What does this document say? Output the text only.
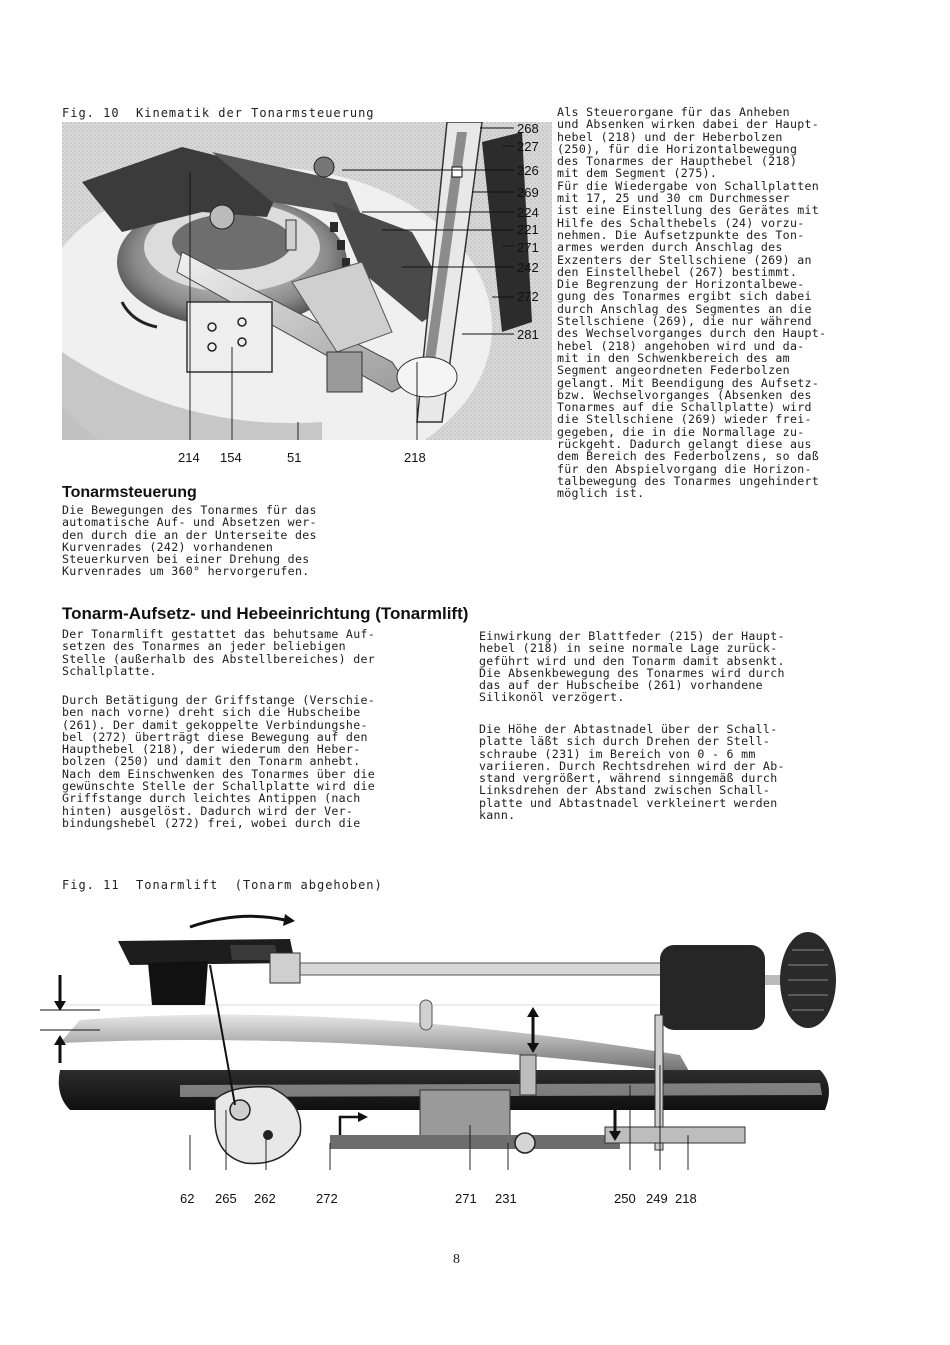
Fig. 10  Kinematik der Tonarmsteuerung
268
227
226
269
224
221
271
242
272
281
214 154	51	218
Als Steuerorgane für das Anheben
und Absenken wirken dabei der Haupt-
hebel (218) und der Heberbolzen
(250), für die Horizontalbewegung
des Tonarmes der Haupthebel (218)
mit dem Segment (275).
Für die Wiedergabe von Schallplatten
mit 17, 25 und 30 cm Durchmesser
ist eine Einstellung des Gerätes mit
Hilfe des Schalthebels (24) vorzu-
nehmen. Die Aufsetzpunkte des Ton-
armes werden durch Anschlag des
Exzenters der Stellschiene (269) an
den Einstellhebel (267) bestimmt.
Die Begrenzung der Horizontalbewe-
gung des Tonarmes ergibt sich dabei
durch Anschlag des Segmentes an die
Stellschiene (269), die nur während
des Wechselvorganges durch den Haupt-
hebel (218) angehoben wird und da-
mit in den Schwenkbereich des am
Segment angeordneten Federbolzen
gelangt. Mit Beendigung des Aufsetz-
bzw. Wechselvorganges (Absenken des
Tonarmes auf die Schallplatte) wird
die Stellschiene (269) wieder frei-
gegeben, die in die Normallage zu-
rückgeht. Dadurch gelangt diese aus
dem Bereich des Federbolzens, so daß
für den Abspielvorgang die Horizon-
talbewegung des Tonarmes ungehindert
möglich ist.
Tonarmsteuerung
Die Bewegungen des Tonarmes für das
automatische Auf- und Absetzen wer-
den durch die an der Unterseite des
Kurvenrades (242) vorhandenen
Steuerkurven bei einer Drehung des
Kurvenrades um 360° hervorgerufen.
Tonarm-Aufsetz- und Hebeeinrichtung (Tonarmlift)
Der Tonarmlift gestattet das behutsame Auf-
setzen des Tonarmes an jeder beliebigen
Stelle (außerhalb des Abstellbereiches) der
Schallplatte.
Durch Betätigung der Griffstange (Verschie-
ben nach vorne) dreht sich die Hubscheibe
(261). Der damit gekoppelte Verbindungshe-
bel (272) überträgt diese Bewegung auf den
Haupthebel (218), der wiederum den Heber-
bolzen (250) und damit den Tonarm anhebt.
Nach dem Einschwenken des Tonarmes über die
gewünschte Stelle der Schallplatte wird die
Griffstange durch leichtes Antippen (nach
hinten) ausgelöst. Dadurch wird der Ver-
bindungshebel (272) frei, wobei durch die
Einwirkung der Blattfeder (215) der Haupt-
hebel (218) in seine normale Lage zurück-
geführt wird und den Tonarm damit absenkt.
Die Absenkbewegung des Tonarmes wird durch
das auf der Hubscheibe (261) vorhandene
Silikonöl verzögert.
Die Höhe der Abtastnadel über der Schall-
platte läßt sich durch Drehen der Stell-
schraube (231) im Bereich von 0 - 6 mm
variieren. Durch Rechtsdrehen wird der Ab-
stand vergrößert, während sinngemäß durch
Linksdrehen der Abstand zwischen Schall-
platte und Abtastnadel verkleinert werden
kann.
Fig. 11  Tonarmlift  (Tonarm abgehoben)
62 265 262	272	271 231	250 249 218
8
